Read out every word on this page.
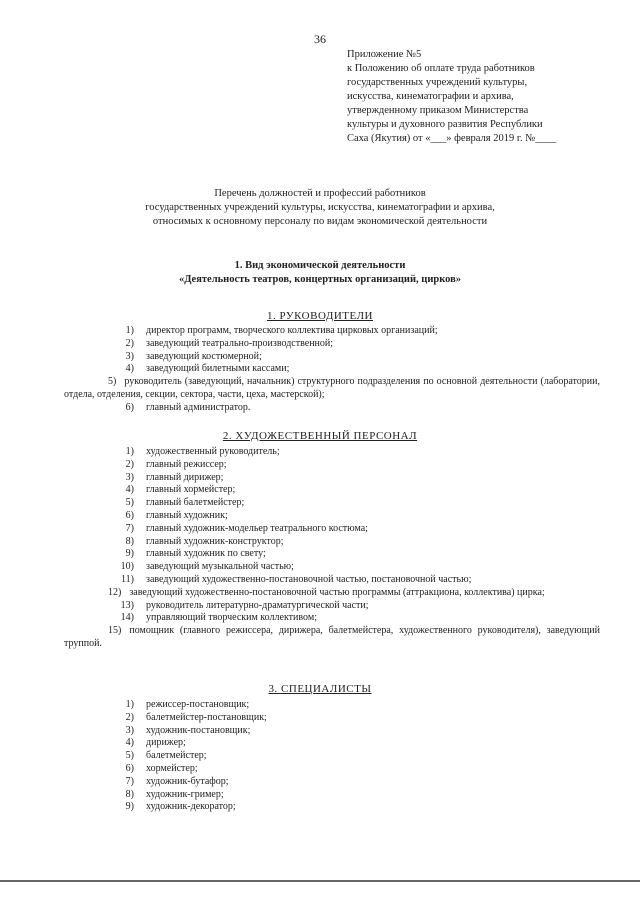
36
Приложение №5
к Положению об оплате труда работников
государственных учреждений культуры,
искусства, кинематографии и архива,
утвержденному приказом Министерства
культуры и духовного развития Республики
Саха (Якутия) от «___» февраля 2019 г. №____
Перечень должностей и профессий работников
государственных учреждений культуры, искусства, кинематографии и архива,
относимых к основному персоналу по видам экономической деятельности
1. Вид экономической деятельности
«Деятельность театров, концертных организаций, цирков»
1. РУКОВОДИТЕЛИ
1) директор программ, творческого коллектива цирковых организаций;
2) заведующий театрально-производственной;
3) заведующий костюмерной;
4) заведующий билетными кассами;
5) руководитель (заведующий, начальник) структурного подразделения по основной деятельности (лаборатории, отдела, отделения, секции, сектора, части, цеха, мастерской);
6) главный администратор.
2. ХУДОЖЕСТВЕННЫЙ ПЕРСОНАЛ
1) художественный руководитель;
2) главный режиссер;
3) главный дирижер;
4) главный хормейстер;
5) главный балетмейстер;
6) главный художник;
7) главный художник-модельер театрального костюма;
8) главный художник-конструктор;
9) главный художник по свету;
10) заведующий музыкальной частью;
11) заведующий художественно-постановочной частью, постановочной частью;
12) заведующий художественно-постановочной частью программы (аттракциона, коллектива) цирка;
13) руководитель литературно-драматургической части;
14) управляющий творческим коллективом;
15) помощник (главного режиссера, дирижера, балетмейстера, художественного руководителя), заведующий труппой.
3. СПЕЦИАЛИСТЫ
1) режиссер-постановщик;
2) балетмейстер-постановщик;
3) художник-постановщик;
4) дирижер;
5) балетмейстер;
6) хормейстер;
7) художник-бутафор;
8) художник-гример;
9) художник-декоратор;
